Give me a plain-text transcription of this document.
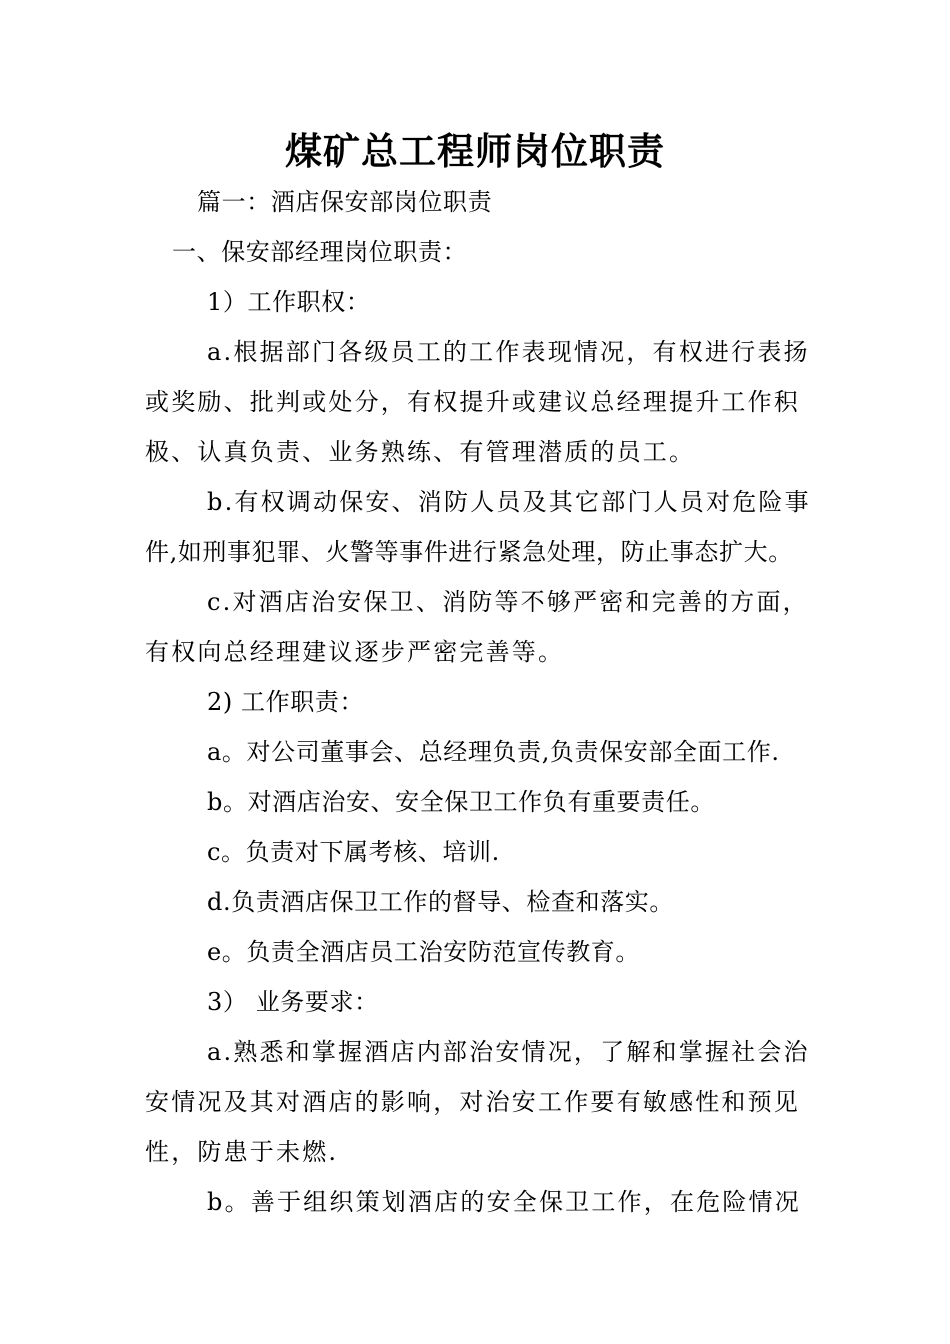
煤矿总工程师岗位职责
篇一：酒店保安部岗位职责
一、保安部经理岗位职责：
1）工作职权：
a.根据部门各级员工的工作表现情况，有权进行表扬
或奖励、批判或处分，有权提升或建议总经理提升工作积
极、认真负责、业务熟练、有管理潜质的员工。
b.有权调动保安、消防人员及其它部门人员对危险事
件,如刑事犯罪、火警等事件进行紧急处理，防止事态扩大。
c.对酒店治安保卫、消防等不够严密和完善的方面，
有权向总经理建议逐步严密完善等。
2) 工作职责：
a。对公司董事会、总经理负责,负责保安部全面工作.
b。对酒店治安、安全保卫工作负有重要责任。
c。负责对下属考核、培训.
d.负责酒店保卫工作的督导、检查和落实。
e。负责全酒店员工治安防范宣传教育。
3） 业务要求：
a.熟悉和掌握酒店内部治安情况，了解和掌握社会治
安情况及其对酒店的影响，对治安工作要有敏感性和预见
性，防患于未燃.
b。善于组织策划酒店的安全保卫工作，在危险情况
